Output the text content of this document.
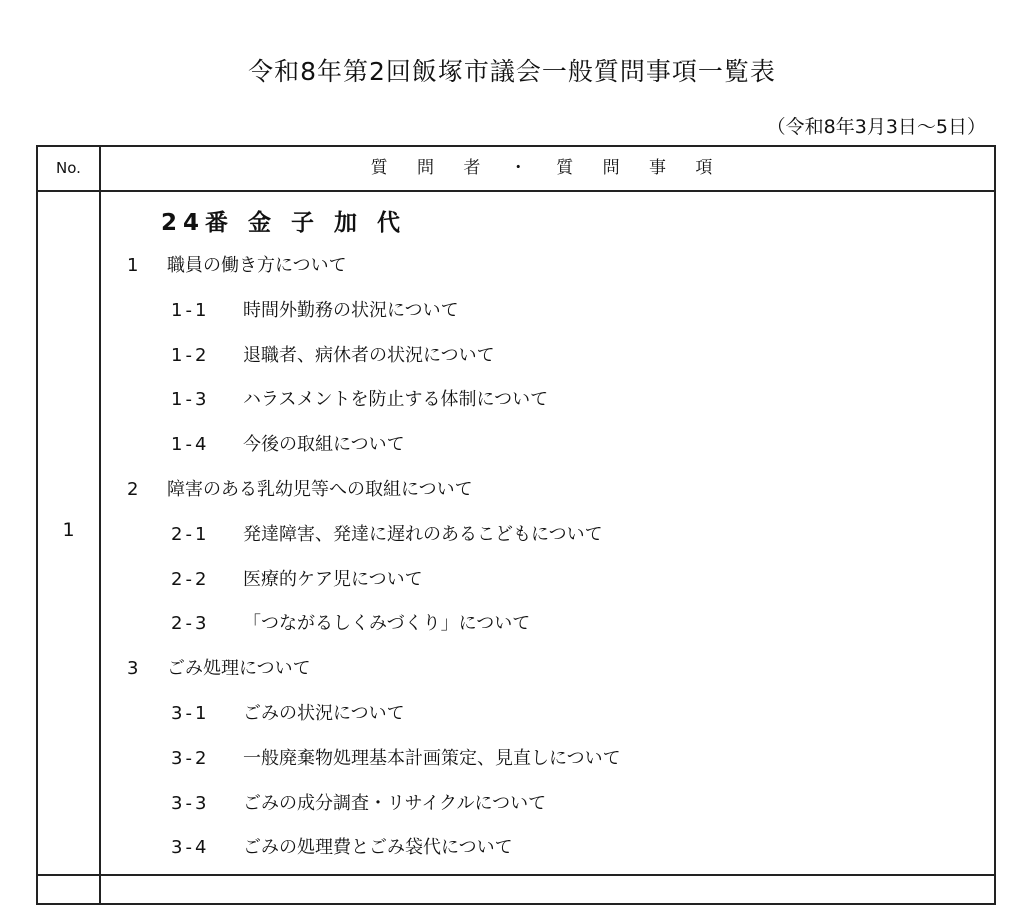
令和8年第2回飯塚市議会一般質問事項一覧表
（令和8年3月3日～5日）
No.	質 問 者 ・ 質 問 事 項
1
24番 金 子 加 代
1 職員の働き方について
1-1 時間外勤務の状況について
1-2 退職者、病休者の状況について
1-3 ハラスメントを防止する体制について
1-4 今後の取組について
2 障害のある乳幼児等への取組について
2-1 発達障害、発達に遅れのあるこどもについて
2-2 医療的ケア児について
2-3 「つながるしくみづくり」について
3 ごみ処理について
3-1 ごみの状況について
3-2 一般廃棄物処理基本計画策定、見直しについて
3-3 ごみの成分調査・リサイクルについて
3-4 ごみの処理費とごみ袋代について
